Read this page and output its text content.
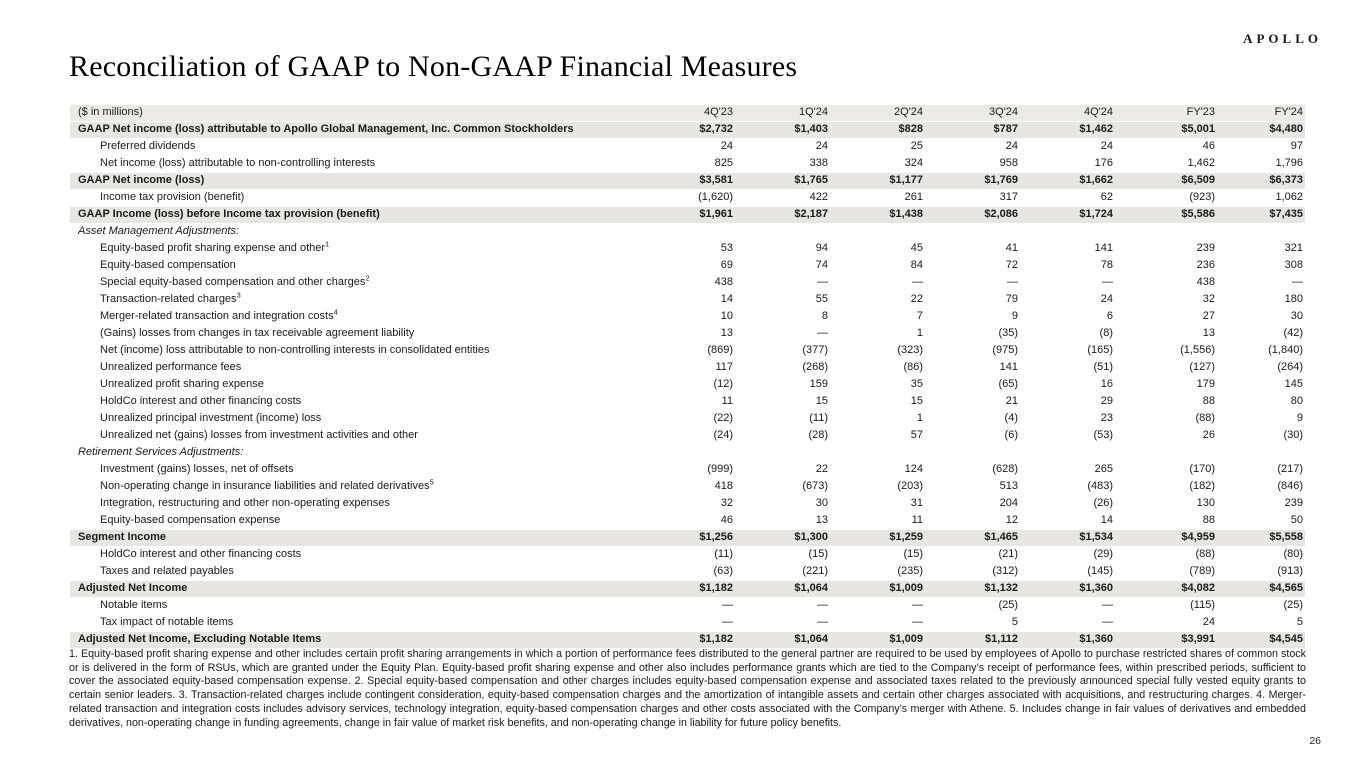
APOLLO
Reconciliation of GAAP to Non-GAAP Financial Measures
($ in millions)	4Q'23	1Q'24	2Q'24	3Q'24	4Q'24	FY'23	FY'24
GAAP Net income (loss) attributable to Apollo Global Management, Inc. Common Stockholders	$2,732	$1,403	$828	$787	$1,462	$5,001	$4,480
Preferred dividends	24	24	25	24	24	46	97
Net income (loss) attributable to non-controlling interests	825	338	324	958	176	1,462	1,796
GAAP Net income (loss)	$3,581	$1,765	$1,177	$1,769	$1,662	$6,509	$6,373
Income tax provision (benefit)	(1,620)	422	261	317	62	(923)	1,062
GAAP Income (loss) before Income tax provision (benefit)	$1,961	$2,187	$1,438	$2,086	$1,724	$5,586	$7,435
Asset Management Adjustments:							
Equity-based profit sharing expense and other$^1$	53	94	45	41	141	239	321
Equity-based compensation	69	74	84	72	78	236	308
Special equity-based compensation and other charges$^2$	438	—	—	—	—	438	—
Transaction-related charges$^3$	14	55	22	79	24	32	180
Merger-related transaction and integration costs$^4$	10	8	7	9	6	27	30
(Gains) losses from changes in tax receivable agreement liability	13	—	1	(35)	(8)	13	(42)
Net (income) loss attributable to non-controlling interests in consolidated entities	(869)	(377)	(323)	(975)	(165)	(1,556)	(1,840)
Unrealized performance fees	117	(268)	(86)	141	(51)	(127)	(264)
Unrealized profit sharing expense	(12)	159	35	(65)	16	179	145
HoldCo interest and other financing costs	11	15	15	21	29	88	80
Unrealized principal investment (income) loss	(22)	(11)	1	(4)	23	(88)	9
Unrealized net (gains) losses from investment activities and other	(24)	(28)	57	(6)	(53)	26	(30)
Retirement Services Adjustments:							
Investment (gains) losses, net of offsets	(999)	22	124	(628)	265	(170)	(217)
Non-operating change in insurance liabilities and related derivatives$^5$	418	(673)	(203)	513	(483)	(182)	(846)
Integration, restructuring and other non-operating expenses	32	30	31	204	(26)	130	239
Equity-based compensation expense	46	13	11	12	14	88	50
Segment Income	$1,256	$1,300	$1,259	$1,465	$1,534	$4,959	$5,558
HoldCo interest and other financing costs	(11)	(15)	(15)	(21)	(29)	(88)	(80)
Taxes and related payables	(63)	(221)	(235)	(312)	(145)	(789)	(913)
Adjusted Net Income	$1,182	$1,064	$1,009	$1,132	$1,360	$4,082	$4,565
Notable items	—	—	—	(25)	—	(115)	(25)
Tax impact of notable items	—	—	—	5	—	24	5
Adjusted Net Income, Excluding Notable Items	$1,182	$1,064	$1,009	$1,112	$1,360	$3,991	$4,545

1. Equity-based profit sharing expense and other includes certain profit sharing arrangements in which a portion of performance fees distributed to the general partner are required to be used by employees of Apollo to purchase restricted shares of common stock or is delivered in the form of RSUs, which are granted under the Equity Plan. Equity-based profit sharing expense and other also includes performance grants which are tied to the Company’s receipt of performance fees, within prescribed periods, sufficient to cover the associated equity-based compensation expense. 2. Special equity-based compensation and other charges includes equity-based compensation expense and associated taxes related to the previously announced special fully vested equity grants to certain senior leaders. 3. Transaction-related charges include contingent consideration, equity-based compensation charges and the amortization of intangible assets and certain other charges associated with acquisitions, and restructuring charges. 4. Merger-related transaction and integration costs includes advisory services, technology integration, equity-based compensation charges and other costs associated with the Company’s merger with Athene. 5. Includes change in fair values of derivatives and embedded derivatives, non-operating change in funding agreements, change in fair value of market risk benefits, and non-operating change in liability for future policy benefits.

26
